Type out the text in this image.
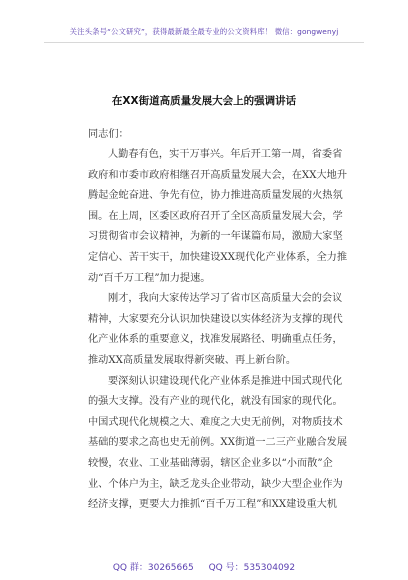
关注头条号“公文研究”，获得最新最全最专业的公文资料库！ 微信：gongwenyj
在XX街道高质量发展大会上的强调讲话
同志们：
人勤春有色，实干万事兴。年后开工第一周，省委省
政府和市委市政府相继召开高质量发展大会，在XX大地升
腾起金蛇奋进、争先有位，协力推进高质量发展的火热氛
围。在上周，区委区政府召开了全区高质量发展大会，学
习贯彻省市会议精神，为新的一年谋篇布局，激励大家坚
定信心、苦干实干，加快建设XX现代化产业体系，全力推
动“百千万工程”加力提速。
刚才，我向大家传达学习了省市区高质量大会的会议
精神，大家要充分认识加快建设以实体经济为支撑的现代
化产业体系的重要意义，找准发展路径、明确重点任务，
推动XX高质量发展取得新突破、再上新台阶。
要深刻认识建设现代化产业体系是推进中国式现代化
的强大支撑。没有产业的现代化，就没有国家的现代化。
中国式现代化规模之大、难度之大史无前例，对物质技术
基础的要求之高也史无前例。XX街道一二三产业融合发展
较慢，农业、工业基础薄弱，辖区企业多以“小而散”企
业、个体户为主，缺乏龙头企业带动，缺少大型企业作为
经济支撑，更要大力推抓“百千万工程”和XX建设重大机
QQ 群：30265665 QQ 号：535304092
